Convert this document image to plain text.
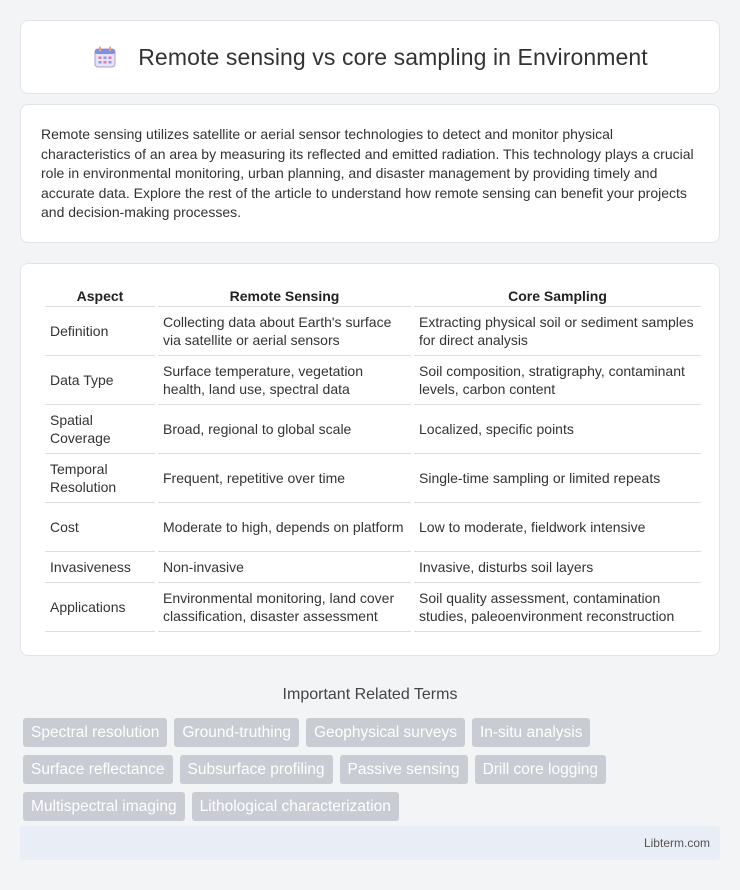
Remote sensing vs core sampling in Environment

Remote sensing utilizes satellite or aerial sensor technologies to detect and monitor physical characteristics of an area by measuring its reflected and emitted radiation. This technology plays a crucial role in environmental monitoring, urban planning, and disaster management by providing timely and accurate data. Explore the rest of the article to understand how remote sensing can benefit your projects and decision-making processes.

Aspect	Remote Sensing	Core Sampling
Definition	Collecting data about Earth's surface via satellite or aerial sensors	Extracting physical soil or sediment samples for direct analysis
Data Type	Surface temperature, vegetation health, land use, spectral data	Soil composition, stratigraphy, contaminant levels, carbon content
Spatial Coverage	Broad, regional to global scale	Localized, specific points
Temporal Resolution	Frequent, repetitive over time	Single-time sampling or limited repeats
Cost	Moderate to high, depends on platform	Low to moderate, fieldwork intensive
Invasiveness	Non-invasive	Invasive, disturbs soil layers
Applications	Environmental monitoring, land cover classification, disaster assessment	Soil quality assessment, contamination studies, paleoenvironment reconstruction
Important Related Terms
Spectral resolution	Ground-truthing	Geophysical surveys	In-situ analysis
Surface reflectance	Subsurface profiling	Passive sensing	Drill core logging
Multispectral imaging	Lithological characterization
Libterm.com
